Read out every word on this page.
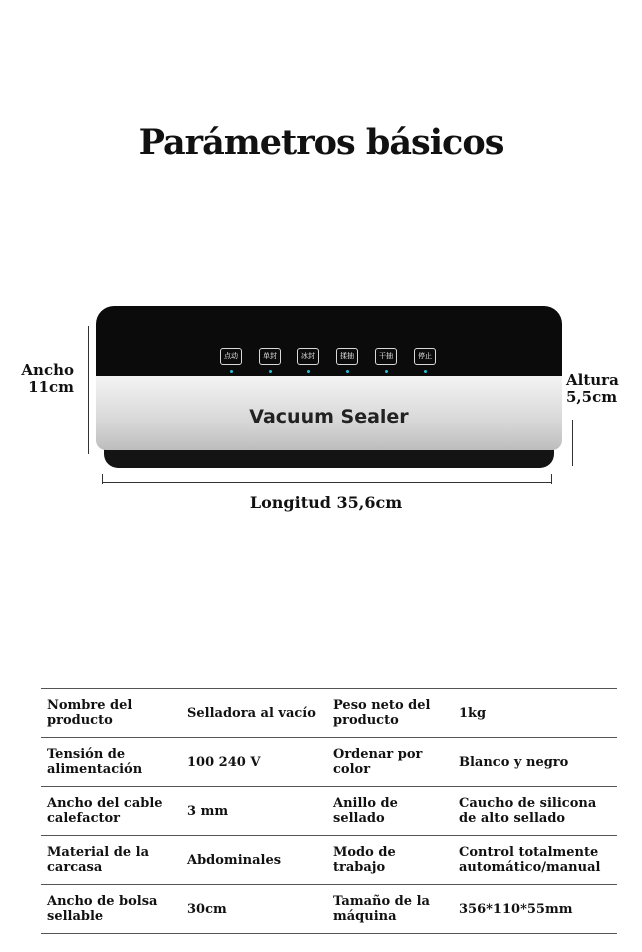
Parámetros básicos
Ancho
11cm	Altura
5,5cm
点动	单封	冰封	揉抽	干抽	停止
Vacuum Sealer
Longitud 35,6cm
Nombre del producto	Selladora al vacío	Peso neto del producto	1kg
Tensión de alimentación	100 240 V	Ordenar por color	Blanco y negro
Ancho del cable calefactor	3 mm	Anillo de sellado	Caucho de silicona de alto sellado
Material de la carcasa	Abdominales	Modo de trabajo	Control totalmente automático/manual
Ancho de bolsa sellable	30cm	Tamaño de la máquina	356*110*55mm
